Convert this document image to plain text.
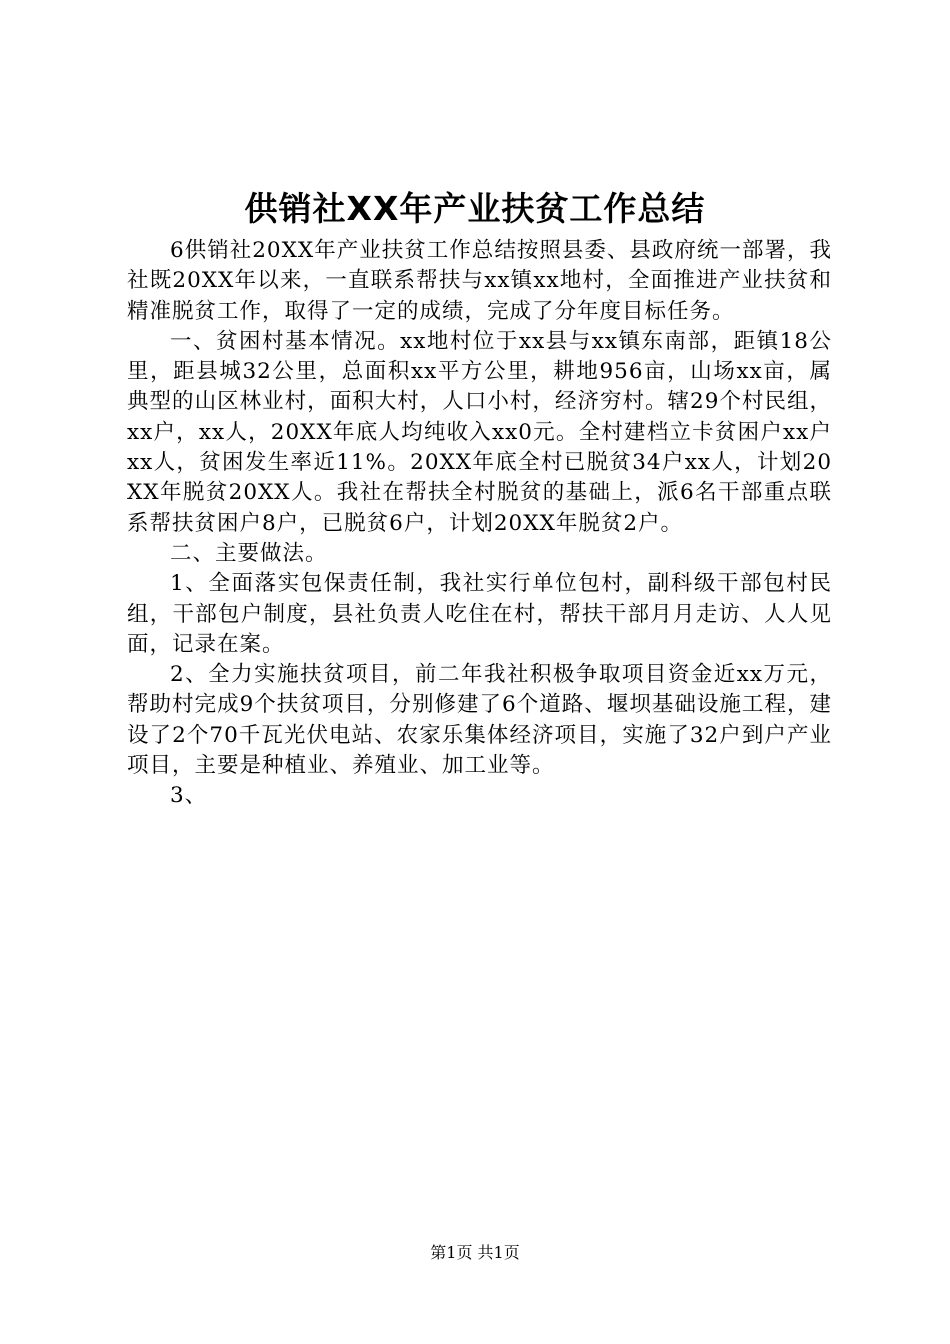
供销社XX年产业扶贫工作总结

6供销社20XX年产业扶贫工作总结按照县委、县政府统一部署，我社既20XX年以来，一直联系帮扶与xx镇xx地村，全面推进产业扶贫和精准脱贫工作，取得了一定的成绩，完成了分年度目标任务。

一、贫困村基本情况。xx地村位于xx县与xx镇东南部，距镇18公里，距县城32公里，总面积xx平方公里，耕地956亩，山场xx亩，属典型的山区林业村，面积大村，人口小村，经济穷村。辖29个村民组，xx户，xx人，20XX年底人均纯收入xx0元。全村建档立卡贫困户xx户xx人，贫困发生率近11%。20XX年底全村已脱贫34户xx人，计划20XX年脱贫20XX人。我社在帮扶全村脱贫的基础上，派6名干部重点联系帮扶贫困户8户，已脱贫6户，计划20XX年脱贫2户。

二、主要做法。

1、全面落实包保责任制，我社实行单位包村，副科级干部包村民组，干部包户制度，县社负责人吃住在村，帮扶干部月月走访、人人见面，记录在案。

2、全力实施扶贫项目，前二年我社积极争取项目资金近xx万元，帮助村完成9个扶贫项目，分别修建了6个道路、堰坝基础设施工程，建设了2个70千瓦光伏电站、农家乐集体经济项目，实施了32户到户产业项目，主要是种植业、养殖业、加工业等。

3、

第1页 共1页
